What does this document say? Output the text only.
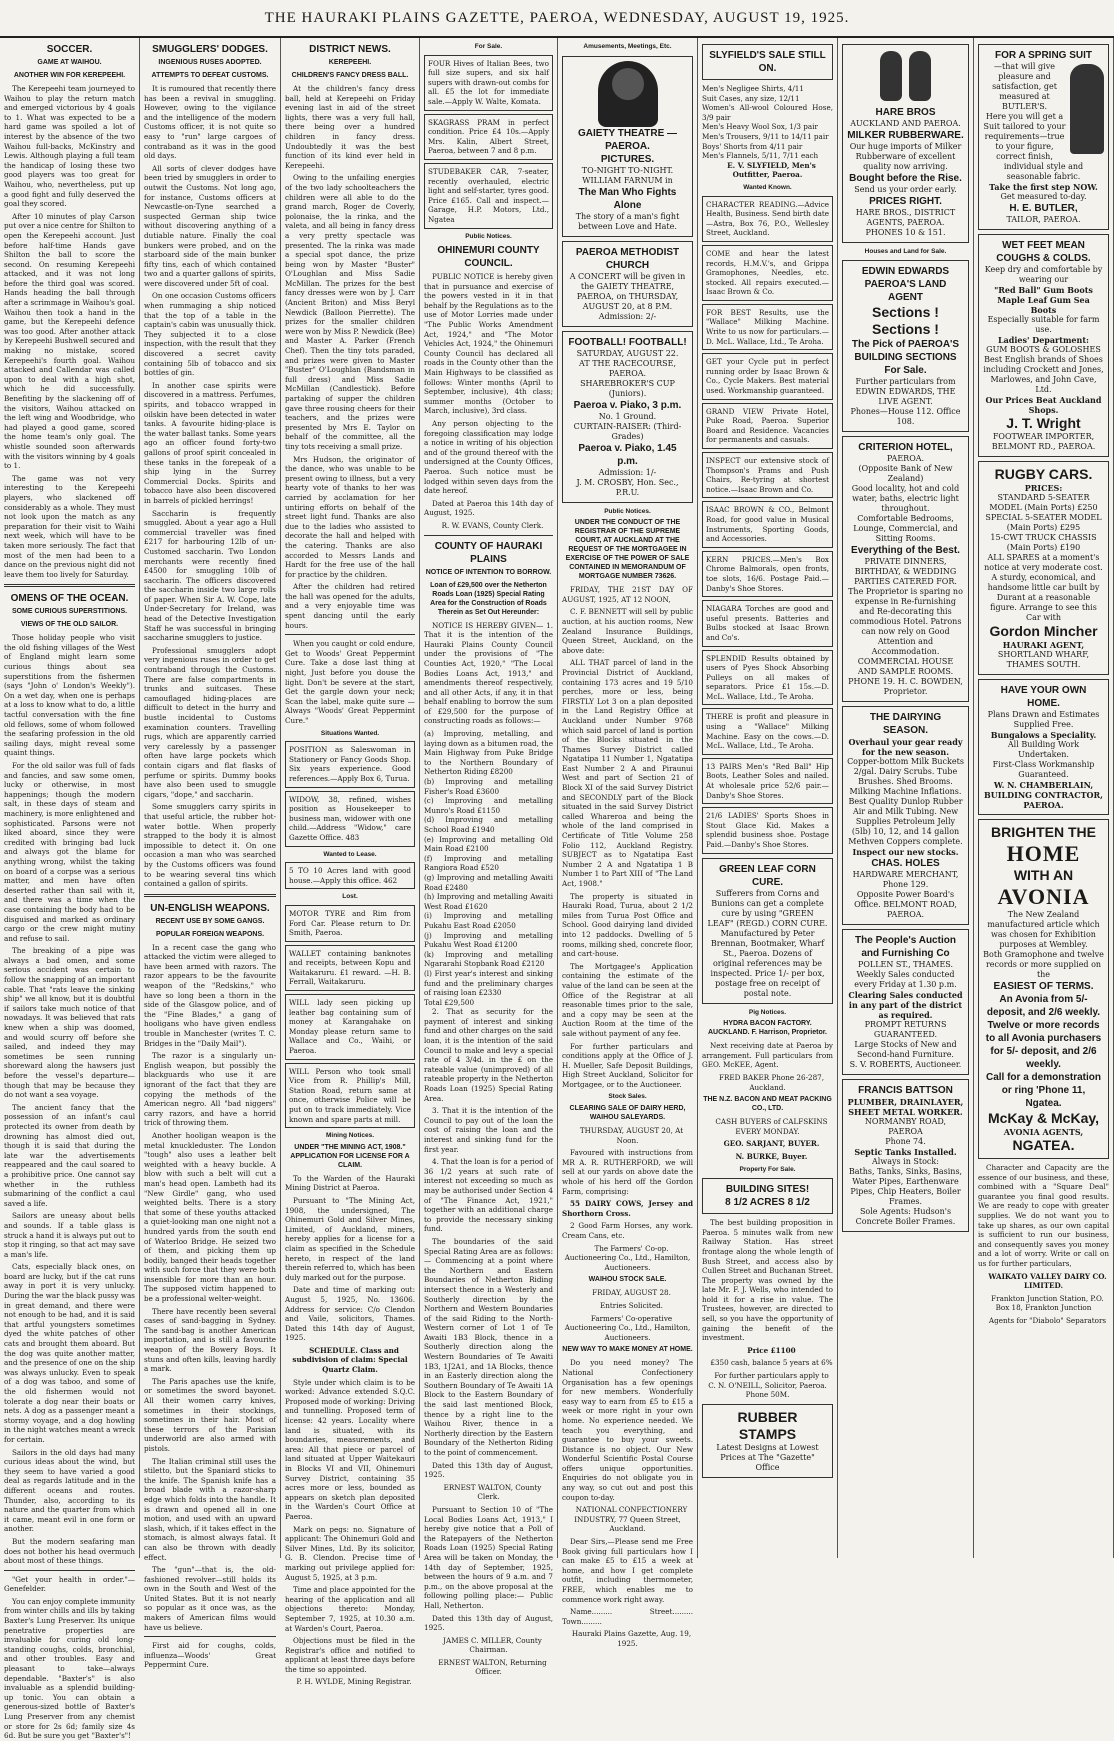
THE HAURAKI PLAINS GAZETTE, PAEROA, WEDNESDAY, AUGUST 19, 1925.
SOCCER.
GAME AT WAIHOU.
ANOTHER WIN FOR KEREPEEHI.

The Kerepeehi team journeyed to Waihou to play the return match and emerged victorious by 4 goals to 1. What was expected to be a hard game was spoiled a lot of interest by the absence of the two Waihou full-backs, McKinstry and Lewis. Although playing a full team the handicap of losing these two good players was too great for Waihou, who, nevertheless, put up a good fight and fully deserved the goal they scored.

After 10 minutes of play Carson put over a nice centre for Shilton to open the Kerepeehi account. Just before half-time Hands gave Shilton the ball to score the second. On resuming Kerepeehi attacked, and it was not long before the third goal was scored. Hands heading the ball through after a scrimmage in Waihou's goal. Waihou then took a hand in the game, but the Kerepeehi defence was too good. After another attack by Kerepeehi Bushwell secured and making no mistake, scored Kerepeehi's fourth goal. Waihou attacked and Callendar was called upon to deal with a high shot, which he did successfully. Benefiting by the slackening off of the visitors, Waihou attacked on the left wing and Woodbridge, who had played a good game, scored the home team's only goal. The whistle sounded soon afterwards with the visitors winning by 4 goals to 1.

The game was not very interesting to the Kerepeehi players, who slackened off considerably as a whole. They must not look upon the match as any preparation for their visit to Waihi next week, which will have to be taken more seriously. The fact that most of the men had been to a dance on the previous night did not leave them too lively for Saturday.

OMENS OF THE OCEAN.
SOME CURIOUS SUPERSTITIONS.
VIEWS OF THE OLD SAILOR.

Those holiday people who visit the old fishing villages of the West of England might learn some curious things about sea superstitions from the fishermen (says "John o' London's Weekly"). On a wet day, when one is perhaps at a loss to know what to do, a little tactful conversation with the fine old fellows, some of whom followed the seafaring profession in the old sailing days, might reveal some quaint things.

For the old sailor was full of fads and fancies, and saw some omen, lucky or otherwise, in most happenings; though the modern salt, in these days of steam and machinery, is more enlightened and sophisticated. Parsons were not liked aboard, since they were credited with bringing bad luck and always got the blame for anything wrong, whilst the taking on board of a corpse was a serious matter, and men have often deserted rather than sail with it, and there was a time when the case containing the body had to be disguised and marked as ordinary cargo or the crew might mutiny and refuse to sail.

The breaking of a pipe was always a bad omen, and some serious accident was certain to follow the snapping of an important cable. That "rats leave the sinking ship" we all know, but it is doubtful if sailors take much notice of that nowadays. It was believed that rats knew when a ship was doomed, and would scurry off before she sailed, and indeed they may sometimes be seen running shoreward along the hawsers just before the vessel's departure—though that may be because they do not want a sea voyage.

The ancient fancy that the possession of an infant's caul protected its owner from death by drowning has almost died out, though it is said that during the late war the advertisements reappeared and the caul soared to a prohibitive price. One cannot say whether in the ruthless submarining of the conflict a caul saved a life.

Sailors are uneasy about bells and sounds. If a table glass is struck a hand it is always put out to stop it ringing, so that act may save a man's life.

Cats, especially black ones, on board are lucky, but if the cat runs away in port it is very unlucky. During the war the black pussy was in great demand, and there were not enough to be had, and it is said that artful youngsters sometimes dyed the white patches of other cats and brought them aboard. But the dog was quite another matter, and the presence of one on the ship was always unlucky. Even to speak of a dog was taboo, and some of the old fishermen would not tolerate a dog near their boats or nets. A dog as a passenger meant a stormy voyage, and a dog howling in the night watches meant a wreck for certain.

Sailors in the old days had many curious ideas about the wind, but they seem to have varied a good deal as regards latitude and in the different oceans and routes. Thunder, also, according to its nature and the quarter from which it came, meant evil in one form or another.

But the modern seafaring man does not bother his head overmuch about most of these things.

"Get your health in order."—Genefelder.

You can enjoy complete immunity from winter chills and ills by taking Baxter's Lung Preserver. Its unique penetrative properties are invaluable for curing old long-standing coughs, colds, bronchial, and other troubles. Easy and pleasant to take—always dependable. "Baxter's" is also invaluable as a splendid building-up tonic. You can obtain a generous-sized bottle of Baxter's Lung Preserver from any chemist or store for 2s 6d; family size 4s 6d. But be sure you get "Baxter's"!

SMUGGLERS' DODGES.
INGENIOUS RUSES ADOPTED.
ATTEMPTS TO DEFEAT CUSTOMS.

It is rumoured that recently there has been a revival in smuggling. However, owing to the vigilance and the intelligence of the modern Customs officer, it is not quite so easy to "run" large cargoes of contraband as it was in the good old days.

All sorts of clever dodges have been tried by smugglers in order to outwit the Customs. Not long ago, for instance, Customs officers at Newcastle-on-Tyne searched a suspected German ship twice without discovering anything of a dutiable nature. Finally the coal bunkers were probed, and on the starboard side of the main bunker fifty tins, each of which contained two and a quarter gallons of spirits, were discovered under 5ft of coal.

On one occasion Customs officers when rummaging a ship noticed that the top of a table in the captain's cabin was unusually thick. They subjected it to a close inspection, with the result that they discovered a secret cavity containing 5lb of tobacco and six bottles of gin.

In another case spirits were discovered in a mattress. Perfumes, spirits, and tobacco wrapped in oilskin have been detected in water tanks. A favourite hiding-place is the water ballast tanks. Some years ago an officer found forty-two gallons of proof spirit concealed in these tanks in the forepeak of a ship lying in the Surrey Commercial Docks. Spirits and tobacco have also been discovered in barrels of pickled herrings!

Saccharin is frequently smuggled. About a year ago a Hull commercial traveller was fined £217 for harbouring 12lb of un-Customed saccharin. Two London merchants were recently fined £4500 for smuggling 10lb of saccharin. The officers discovered the saccharin inside two large rolls of paper. When Sir A. W. Cope, late Under-Secretary for Ireland, was head of the Detective Investigation Staff he was successful in bringing saccharine smugglers to justice.

Professional smugglers adopt very ingenious ruses in order to get contraband through the Customs. There are false compartments in trunks and suitcases. These camouflaged hiding-places are difficult to detect in the hurry and bustle incidental to Customs examination counters. Travelling rugs, which are apparently carried very carelessly by a passenger often have large pockets which contain cigars and flat flasks of perfume or spirits. Dummy books have also been used to smuggle cigars, "dope," and saccharin.

Some smugglers carry spirits in that useful article, the rubber hot-water bottle. When properly strapped to the body it is almost impossible to detect it. On one occasion a man who was searched by the Customs officers was found to be wearing several tins which contained a gallon of spirits.

UN-ENGLISH WEAPONS.
RECENT USE BY SOME GANGS.
POPULAR FOREIGN WEAPONS.

In a recent case the gang who attacked the victim were alleged to have been armed with razors. The razor appears to be the favourite weapon of the "Redskins," who have so long been a thorn in the side of the Glasgow police, and of the "Fine Blades," a gang of hooligans who have given endless trouble in Manchester (writes T. C. Bridges in the "Daily Mail").

The razor is a singularly un-English weapon, but possibly the blackguards who use it are ignorant of the fact that they are copying the methods of the American negro. All "bad niggers" carry razors, and have a horrid trick of throwing them.

Another hooligan weapon is the metal knuckleduster. The London "tough" also uses a leather belt weighted with a heavy buckle. A blow with such a belt will cut a man's head open. Lambeth had its "New Girdle" gang, who used weighted belts. There is a story that some of these youths attacked a quiet-looking man one night not a hundred yards from the south end of Waterloo Bridge. He seized two of them, and picking them up bodily, banged their heads together with such force that they were both insensible for more than an hour. The supposed victim happened to be a professional welter-weight.

There have recently been several cases of sand-bagging in Sydney. The sand-bag is another American importation, and is still a favourite weapon of the Bowery Boys. It stuns and often kills, leaving hardly a mark.

The Paris apaches use the knife, or sometimes the sword bayonet. All their women carry knives, sometimes in their stockings, sometimes in their hair. Most of these terrors of the Parisian underworld are also armed with pistols.

The Italian criminal still uses the stiletto, but the Spaniard sticks to the knife. The Spanish knife has a broad blade with a razor-sharp edge which folds into the handle. It is drawn and opened all in one motion, and used with an upward slash, which, if it takes effect in the stomach, is almost always fatal. It can also be thrown with deadly effect.

The "gun"—that is, the old-fashioned revolver—still holds its own in the South and West of the United States. But it is not nearly so popular as it once was, as the makers of American films would have us believe.

First aid for coughs, colds, influenza—Woods' Great Peppermint Cure.

DISTRICT NEWS.
KEREPEEHI.
CHILDREN'S FANCY DRESS BALL.

At the children's fancy dress ball, held at Kerepeehi on Friday evening last in aid of the street lights, there was a very full hall, there being over a hundred children in fancy dress. Undoubtedly it was the best function of its kind ever held in Kerepeehi.

Owing to the unfailing energies of the two lady schoolteachers the children were all able to do the grand march, Roger de Coverly, polonaise, the la rinka, and the valeta, and all being in fancy dress a very pretty spectacle was presented. The la rinka was made a special spot dance, the prize being won by Master "Buster" O'Loughlan and Miss Sadie McMillan. The prizes for the best fancy dresses were won by J. Carr (Ancient Briton) and Miss Beryl Newdick (Balloon Pierrette). The prizes for the smaller children were won by Miss P. Newdick (Bee) and Master A. Parker (French Chef). Then the tiny tots paraded, and prizes were given to Master "Buster" O'Loughlan (Bandsman in full dress) and Miss Sadie McMillan (Candlestick). Before partaking of supper the children gave three rousing cheers for their teachers, and the prizes were presented by Mrs E. Taylor on behalf of the committee, all the tiny tots receiving a small prize.

Mrs Hudson, the originator of the dance, who was unable to be present owing to illness, but a very hearty vote of thanks to her was carried by acclamation for her untiring efforts on behalf of the street light fund. Thanks are also due to the ladies who assisted to decorate the hall and helped with the catering. Thanks are also accorded to Messrs Lands and Hardt for the free use of the hall for practice by the children.

After the children had retired the hall was opened for the adults, and a very enjoyable time was spent dancing until the early hours.

When you caught or cold endure, Get to Woods' Great Peppermint Cure. Take a dose last thing at night, Just before you douse the light. Don't be severe at the start, Get the gargle down your neck; Scan the label, make quite sure — Always "Woods' Great Peppermint Cure."

Situations Wanted.
POSITION as Saleswoman in Stationery or Fancy Goods Shop. Six years experience. Good references.—Apply Box 6, Turua.
WIDOW, 38, refined, wishes position as Housekeeper to business man, widower with one child.—Address "Widow," care Gazette Office. 483
Wanted to Lease.
5 TO 10 Acres land with good house.—Apply this office. 462
Lost.
MOTOR TYRE and Rim from Ford Car. Please return to Dr. Smith, Paeroa.
WALLET containing banknotes and receipts, between Kopu and Waitakaruru. £1 reward. —H. B. Ferrall, Waitakaruru.
WILL lady seen picking up leather bag containing sum of money at Karangahake on Monday please return same to Wallace and Co., Waihi, or Paeroa.
WILL Person who took small Vice from R. Phillip's Mill, Station Road, return same at once, otherwise Police will be put on to track immediately. Vice known and spare parts at mill.
Mining Notices.
UNDER "THE MINING ACT, 1908." APPLICATION FOR LICENSE FOR A CLAIM.

To the Warden of the Hauraki Mining District at Paeroa.

Pursuant to "The Mining Act, 1908, the undersigned, The Ohinemuri Gold and Silver Mines, Limited, of Auckland, miners, hereby applies for a license for a claim as specified in the Schedule hereto, in respect of the land therein referred to, which has been duly marked out for the purpose.

Date and time of marking out: August 5, 1925, No. 13606. Address for service: C/o Clendon and Vaile, solicitors, Thames. Dated this 14th day of August, 1925.

SCHEDULE. Class and subdivision of claim: Special Quartz Claim.

Style under which claim is to be worked: Advance extended S.Q.C. Proposed mode of working: Driving and tunnelling. Proposed term of license: 42 years. Locality where land is situated, with its boundaries, measurements, and area: All that piece or parcel of land situated at Upper Waitekauri in Blocks VI and VII, Ohinemuri Survey District, containing 35 acres more or less, bounded as appears on sketch plan deposited in the Warden's Court Office at Paeroa.

Mark on pegs: no. Signature of applicant: The Ohinemuri Gold and Silver Mines, Ltd. By its solicitor, G. B. Clendon. Precise time of marking out privilege applied for: August 5, 1925, at 3 p.m.

Time and place appointed for the hearing of the application and all objections thereto: Monday, September 7, 1925, at 10.30 a.m. at Warden's Court, Paeroa.

Objections must be filed in the Registrar's office and notified to applicant at least three days before the time so appointed.

P. H. WYLDE, Mining Registrar.

For Sale.
FOUR Hives of Italian Bees, two full size supers, and six half supers with drawn-out combs for all. £5 the lot for immediate sale.—Apply W. Walte, Komata.
SKAGRASS PRAM in perfect condition. Price £4 10s.—Apply Mrs. Kalin, Albert Street, Paeroa, between 7 and 8 p.m.
STUDEBAKER CAR, 7-seater, recently overhauled, electric light and self-starter, tyres good. Price £165. Call and inspect.—Garage, H.P. Motors, Ltd., Ngatea
Public Notices.
OHINEMURI COUNTY COUNCIL.

PUBLIC NOTICE is hereby given that in pursuance and exercise of the powers vested in it in that behalf by the Regulations as to the use of Motor Lorries made under "The Public Works Amendment Act, 1924," and "The Motor Vehicles Act, 1924," the Ohinemuri County Council has declared all roads in the County other than the Main Highways to be classified as follows: Winter months (April to September, inclusive), 4th class; summer months (October to March, inclusive), 3rd class.

Any person objecting to the foregoing classification may lodge a notice in writing of his objection and of the ground thereof with the undersigned at the County Offices, Paeroa. Such notice must be lodged within seven days from the date hereof.

Dated at Paeroa this 14th day of August, 1925.

R. W. EVANS, County Clerk.

COUNTY OF HAURAKI PLAINS
NOTICE OF INTENTION TO BORROW.
Loan of £29,500 over the Netherton Roads Loan (1925) Special Rating Area for the Construction of Roads Therein as Set Out Hereunder:

NOTICE IS HEREBY GIVEN— 1. That it is the intention of the Hauraki Plains County Council under the provisions of "The Counties Act, 1920," "The Local Bodies Loans Act, 1913," and amendments thereof respectively, and all other Acts, if any, it in that behalf enabling to borrow the sum of £29,500 for the purpose of constructing roads as follows:—

(a) Improving, metalling, and laying down as a bitumen road, the Main Highway from Puke Bridge to the Northern Boundary of Netherton Riding £8200
(b) Improving and metalling Fisher's Road £3600
(c) Improving and metalling Munro's Road £1150
(d) Improving and metalling School Road £1940
(e) Improving and metalling Old Main Road £2100
(f) Improving and metalling Rangiora Road £520
(g) Improving and metalling Awaiti Road £2480
(h) Improving and metalling Awaiti West Road £1620
(i) Improving and metalling Pukahu East Road £2050
(j) Improving and metalling Pukahu West Road £1200
(k) Improving and metalling Ngararahi Stopbank Road £2120
(l) First year's interest and sinking fund and the preliminary charges of raising loan £2330
Total £29,500

2. That as security for the payment of interest and sinking fund and other charges on the said loan, it is the intention of the said Council to make and levy a special rate of 4 3/4d. in the £ on the rateable value (unimproved) of all rateable property in the Netherton Roads Loan (1925) Special Rating Area.

3. That it is the intention of the Council to pay out of the loan the cost of raising the loan and the interest and sinking fund for the first year.

4. That the loan is for a period of 36 1/2 years at such rate of interest not exceeding so much as may be authorised under Section 4 of "The Finance Act, 1921," together with an additional charge to provide the necessary sinking fund.

The boundaries of the said Special Rating Area are as follows:— Commencing at a point where the Northern and Eastern Boundaries of Netherton Riding intersect thence in a Westerly and Southerly direction by the Northern and Western Boundaries of the said Riding to the North-Western corner of Lot 1 of Te Awaiti 1B3 Block, thence in a Southerly direction along the Western Boundaries of Te Awaiti 1B3, 1J2A1, and 1A Blocks, thence in an Easterly direction along the Southern Boundary of Te Awaiti 1A Block to the Eastern Boundary of the said last mentioned Block, thence by a right line to the Waihou River, thence in a Northerly direction by the Eastern Boundary of the Netherton Riding to the point of commencement.

Dated this 13th day of August, 1925.

ERNEST WALTON, County Clerk.

Pursuant to Section 10 of "The Local Bodies Loans Act, 1913," I hereby give notice that a Poll of the Ratepayers of the Netherton Roads Loan (1925) Special Rating Area will be taken on Monday, the 14th day of September, 1925, between the hours of 9 a.m. and 7 p.m., on the above proposal at the following polling place:— Public Hall, Netherton.

Dated this 13th day of August, 1925.

JAMES C. MILLER, County Chairman.

ERNEST WALTON, Returning Officer.

Amusements, Meetings, Etc.
GAIETY THEATRE — PAEROA.
PICTURES.
TO-NIGHT TO-NIGHT.
WILLIAM FARNUM in
The Man Who Fights Alone
The story of a man's fight between Love and Hate.
PAEROA METHODIST CHURCH
A CONCERT will be given in the GAIETY THEATRE, PAEROA, on THURSDAY, AUGUST 20, at 8 P.M.
Admission: 2/-
FOOTBALL! FOOTBALL!
SATURDAY, AUGUST 22.
AT THE RACECOURSE, PAEROA.
SHAREBROKER'S CUP (Juniors).
Paeroa v. Piako, 3 p.m.
No. 1 Ground.
CURTAIN-RAISER: (Third-Grades)
Paeroa v. Piako, 1.45 p.m.
Admission: 1/-
J. M. CROSBY, Hon. Sec., P.R.U.
Public Notices.
UNDER THE CONDUCT OF THE REGISTRAR OF THE SUPREME COURT, AT AUCKLAND AT THE REQUEST OF THE MORTGAGEE IN EXERCISE OF THE POWER OF SALE CONTAINED IN MEMORANDUM OF MORTGAGE NUMBER 73626.

FRIDAY, THE 21ST DAY OF AUGUST, 1925, AT 12 NOON,

C. F. BENNETT will sell by public auction, at his auction rooms, New Zealand Insurance Buildings, Queen Street, Auckland, on the above date:

ALL THAT parcel of land in the Provincial District of Auckland, containing 173 acres and 19 5/10 perches, more or less, being FIRSTLY Lot 3 on a plan deposited in the Land Registry Office at Auckland under Number 9768 which said parcel of land is portion of the Blocks situated in the Thames Survey District called Ngatatipa 11 Number 1, Ngatatipa East Number 2 A and Piraunui West and part of Section 21 of Block XI of the said Survey District and SECONDLY part of the Block situated in the said Survey District called Whareroa and being the whole of the land comprised in Certificate of Title Volume 258 Folio 112, Auckland Registry. SUBJECT as to Ngatatipa East Number 2 A and Ngatatipa 1 B Number 1 to Part XIII of "The Land Act, 1908."

The property is situated in Hauraki Road, Turua, about 2 1/2 miles from Turua Post Office and School. Good dairying land divided into 12 paddocks. Dwelling of 5 rooms, milking shed, concrete floor, and cart-house.

The Mortgagee's Application containing the estimate of the value of the land can be seen at the Office of the Registrar at all reasonable times prior to the sale, and a copy may be seen at the Auction Room at the time of the sale without payment of any fee.

For further particulars and conditions apply at the Office of J. H. Mueller, Safe Deposit Buildings, High Street Auckland, Solicitor for Mortgagee, or to the Auctioneer.

Stock Sales.
CLEARING SALE OF DAIRY HERD, WAIHOU SALEYARDS.

THURSDAY, AUGUST 20, At Noon.

Favoured with instructions from MR A. R. RUTHERFORD, we will sell at our yards on above date the whole of his herd off the Gordon Farm, comprising:

55 DAIRY COWS, Jersey and Shorthorn Cross.

2 Good Farm Horses, any work. Cream Cans, etc.

The Farmers' Co-op. Auctioneering Co., Ltd., Hamilton, Auctioneers.

WAIHOU STOCK SALE.

FRIDAY, AUGUST 28.

Entries Solicited.

Farmers' Co-operative Auctioneering Co., Ltd., Hamilton, Auctioneers.

NEW WAY TO MAKE MONEY AT HOME.

Do you need money? The National Confectionery Organisation has a few openings for new members. Wonderfully easy way to earn from £5 to £15 a week or more right in your own home. No experience needed. We teach you everything, and guarantee to buy your sweets. Distance is no object. Our New Wonderful Scientific Postal Course offers unique opportunities. Enquiries do not obligate you in any way, so cut out and post this coupon to-day.

NATIONAL CONFECTIONERY INDUSTRY, 77 Queen Street, Auckland.

Dear Sirs,—Please send me Free Book giving full particulars how I can make £5 to £15 a week at home, and how I get complete outfit, including thermometer, FREE, which enables me to commence work right away.

Name......... Street......... Town.........

Hauraki Plains Gazette, Aug. 19, 1925.

SLYFIELD'S SALE STILL ON.
Men's Negligee Shirts, 4/11
Suit Cases, any size, 12/11
Women's All-wool Coloured Hose, 3/9 pair
Men's Heavy Wool Sox, 1/3 pair
Men's Trousers, 9/11 to 14/11 pair
Boys' Shorts from 4/11 pair
Men's Flannels, 5/11, 7/11 each

E. V. SLYFIELD, Men's Outfitter, Paeroa.

Wanted Known.
CHARACTER READING.—Advice Health, Business. Send birth date—Astra, Box 76, P.O., Wellesley Street, Auckland.
COME and hear the latest records, H.M.V.'s, and Grippa Gramophones, Needles, etc. stocked. All repairs executed.—Isaac Brown & Co.
FOR BEST Results, use the "Wallace" Milking Machine. Write to us now for particulars.—D. McL. Wallace, Ltd., Te Aroha.
GET your Cycle put in perfect running order by Isaac Brown & Co., Cycle Makers. Best material used. Workmanship guaranteed.
GRAND VIEW Private Hotel, Puke Road, Paeroa. Superior Board and Residence. Vacancies for permanents and casuals.
INSPECT our extensive stock of Thompson's Prams and Push Chairs, Re-tyring at shortest notice.—Isaac Brown and Co.
ISAAC BROWN & CO., Belmont Road, for good value in Musical Instruments, Sporting Goods, and Accessories.
KERN PRICES.—Men's Box Chrome Balmorals, open fronts, toe slots, 16/6. Postage Paid.—Danby's Shoe Stores.
NIAGARA Torches are good and useful presents. Batteries and Bulbs stocked at Isaac Brown and Co's.
SPLENDID Results obtained by users of Pyes Shock Absorbing Pulleys on all makes of separators. Price £1 15s.—D. McL. Wallace, Ltd., Te Aroha.
THERE is profit and pleasure in using a "Wallace" Milking Machine. Easy on the cows.—D. McL. Wallace, Ltd., Te Aroha.
13 PAIRS Men's "Red Ball" Hip Boots, Leather Soles and nailed. At wholesale price 52/6 pair.—Danby's Shoe Stores.
21/6 LADIES' Sports Shoes in Stout Glace Kid. Makes a splendid business shoe. Postage Paid.—Danby's Shoe Stores.
GREEN LEAF CORN CURE.
Sufferers from Corns and Bunions can get a complete cure by using "GREEN LEAF" (REGD.) CORN CURE.
Manufactured by Peter Brennan, Bootmaker, Wharf St., Paeroa. Dozens of original references may be inspected. Price 1/- per box, postage free on receipt of postal note.
Pig Notices.
HYDRA BACON FACTORY. AUCKLAND. F. Harrison, Proprietor.

Next receiving date at Paeroa by arrangement. Full particulars from GEO. McKEE, Agent.

FRED BAKER Phone 26-287, Auckland.

THE N.Z. BACON AND MEAT PACKING CO., LTD.

CASH BUYERS of CALFSKINS EVERY MONDAY.

GEO. SARJANT, BUYER.

N. BURKE, Buyer.

Property For Sale.
BUILDING SITES!
8 1/2 ACRES 8 1/2

The best building proposition in Paeroa. 5 minutes walk from new Railway Station. Has street frontage along the whole length of Bush Street, and access also by Cullen Street and Buchanan Street. The property was owned by the late Mr. F. J. Wells, who intended to hold it for a rise in value. The Trustees, however, are directed to sell, so you have the opportunity of gaining the benefit of the investment.

Price £1100

£350 cash, balance 5 years at 6%

For further particulars apply to C. N. O'NEILL, Solicitor, Paeroa. Phone 50M.

RUBBER STAMPS
Latest Designs at Lowest Prices at The "Gazette" Office

HARE BROS
AUCKLAND AND PAEROA.
MILKER RUBBERWARE.
Our huge imports of Milker Rubberware of excellent quality now arriving.
Bought before the Rise.
Send us your order early.
PRICES RIGHT.
HARE BROS., DISTRICT AGENTS, PAEROA. PHONES 10 & 151.
Houses and Land for Sale.
EDWIN EDWARDS
PAEROA'S LAND AGENT
Sections ! Sections !
The Pick of PAEROA'S BUILDING SECTIONS For Sale.
Further particulars from EDWIN EDWARDS, THE LIVE AGENT.
Phones—House 112. Office 108.
CRITERION HOTEL,
PAEROA.
(Opposite Bank of New Zealand)
Good locality, hot and cold water, baths, electric light throughout.
Comfortable Bedrooms, Lounge, Commercial, and Sitting Rooms.
Everything of the Best.
PRIVATE DINNERS, BIRTHDAY, & WEDDING PARTIES CATERED FOR.
The Proprietor is sparing no expense in Re-furnishing and Re-decorating this commodious Hotel. Patrons can now rely on Good Attention and Accommodation.
COMMERCIAL HOUSE AND SAMPLE ROOMS.
PHONE 19. H. C. BOWDEN, Proprietor.
THE DAIRYING SEASON.
Overhaul your gear ready for the new season.
Copper-bottom Milk Buckets 2/gal. Dairy Scrubs. Tube Brushes. Shed Brooms. Milking Machine Inflations. Best Quality Dunlop Rubber Air and Milk Tubing. New Supplies Petroleum Jelly (5lb) 10, 12, and 14 gallon Methven Coppers complete.
Inspect our new stocks.
CHAS. HOLES
HARDWARE MERCHANT,
Phone 129.
Opposite Power Board's Office. BELMONT ROAD, PAEROA.
The People's Auction and Furnishing Co
POLLEN ST., THAMES.
Weekly Sales conducted every Friday at 1.30 p.m.
Clearing Sales conducted in any part of the district as required.
PROMPT RETURNS GUARANTEED.
Large Stocks of New and Second-hand Furniture.
S. V. ROBERTS, Auctioneer.
FRANCIS BATTSON
PLUMBER, DRAINLAYER, SHEET METAL WORKER.
NORMANBY ROAD, PAEROA
Phone 74.
Septic Tanks Installed.
Always in Stock:
Baths, Tanks, Sinks, Basins, Water Pipes, Earthenware Pipes, Chip Heaters, Boiler Frames.
Sole Agents: Hudson's Concrete Boiler Frames.
FOR A SPRING SUIT
—that will give pleasure and satisfaction, get measured at BUTLER'S.
Here you will get a Suit tailored to your requirements—true to your figure, correct finish, individual style and seasonable fabric.
Take the first step NOW.
Get measured to-day.
H. E. BUTLER,
TAILOR, PAEROA.
WET FEET MEAN COUGHS & COLDS.
Keep dry and comfortable by wearing our
"Red Ball" Gum Boots Maple Leaf Gum Sea Boots
Especially suitable for farm use.
Ladies' Department:
GUM BOOTS & GOLOSHES
Best English brands of Shoes including Crockett and Jones, Marlowes, and John Cave, Ltd.
Our Prices Beat Auckland Shops.
J. T. Wright
FOOTWEAR IMPORTER, BELMONT RD., PAEROA.
RUGBY CARS.
PRICES:
STANDARD 5-SEATER MODEL (Main Ports) £250
SPECIAL 5-SEATER MODEL (Main Ports) £295
15-CWT TRUCK CHASSIS (Main Ports) £190
ALL SPARES at a moment's notice at very moderate cost. A sturdy, economical, and handsome little car built by Durant at a reasonable figure. Arrange to see this Car with
Gordon Mincher
HAURAKI AGENT,
SHORTLAND WHARF, THAMES SOUTH.
HAVE YOUR OWN HOME.
Plans Drawn and Estimates Supplied Free.
Bungalows a Speciality.
All Building Work Undertaken.
First-Class Workmanship Guaranteed.
W. N. CHAMBERLAIN, BUILDING CONTRACTOR, PAEROA.
BRIGHTEN THE
HOME
WITH AN
AVONIA
The New Zealand manufactured article which was chosen for Exhibition purposes at Wembley.
Both Gramophone and twelve records or more supplied on the
EASIEST OF TERMS.
An Avonia from 5/- deposit, and 2/6 weekly.
Twelve or more records to all Avonia purchasers for 5/- deposit, and 2/6 weekly.
Call for a demonstration or ring 'Phone 11, Ngatea.
McKay & McKay,
AVONIA AGENTS,
NGATEA.

Character and Capacity are the essence of our business, and these, combined with a "Square Deal" guarantee you final good results. We are ready to cope with greater supplies. We do not want you to take up shares, as our own capital is sufficient to run our business, and consequently saves you money and a lot of worry. Write or call on us for further particulars,

WAIKATO VALLEY DAIRY CO. LIMITED.

Frankton Junction Station, P.O. Box 18, Frankton Junction

Agents for "Diabolo" Separators
